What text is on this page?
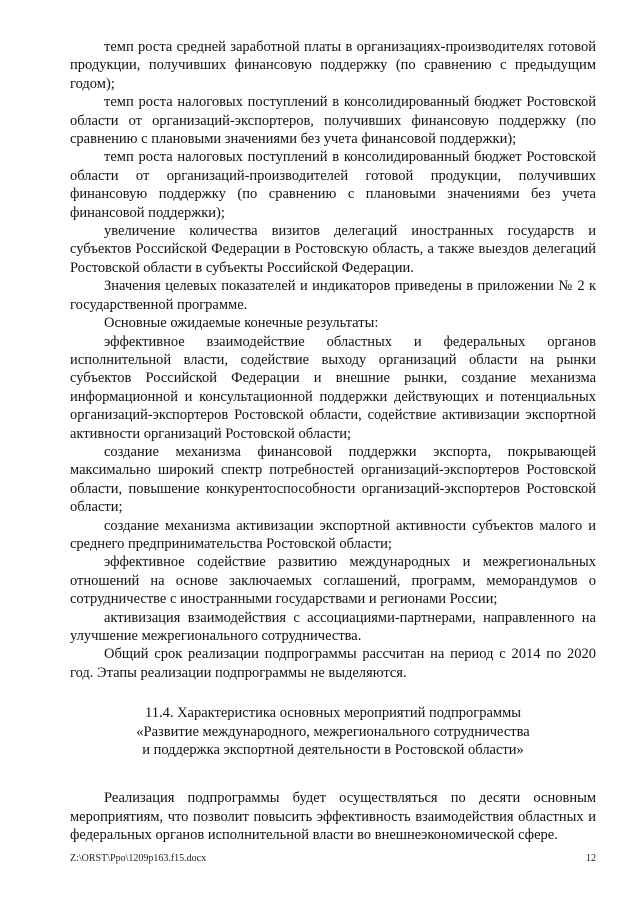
темп роста средней заработной платы в организациях-производителях готовой продукции, получивших финансовую поддержку (по сравнению с предыдущим годом);

темп роста налоговых поступлений в консолидированный бюджет Ростовской области от организаций-экспортеров, получивших финансовую поддержку (по сравнению с плановыми значениями без учета финансовой поддержки);

темп роста налоговых поступлений в консолидированный бюджет Ростовской области от организаций-производителей готовой продукции, получивших финансовую поддержку (по сравнению с плановыми значениями без учета финансовой поддержки);

увеличение количества визитов делегаций иностранных государств и субъектов Российской Федерации в Ростовскую область, а также выездов делегаций Ростовской области в субъекты Российской Федерации.

Значения целевых показателей и индикаторов приведены в приложении № 2 к государственной программе.

Основные ожидаемые конечные результаты:

эффективное взаимодействие областных и федеральных органов исполнительной власти, содействие выходу организаций области на рынки субъектов Российской Федерации и внешние рынки, создание механизма информационной и консультационной поддержки действующих и потенциальных организаций-экспортеров Ростовской области, содействие активизации экспортной активности организаций Ростовской области;

создание механизма финансовой поддержки экспорта, покрывающей максимально широкий спектр потребностей организаций-экспортеров Ростовской области, повышение конкурентоспособности организаций-экспортеров Ростовской области;

создание механизма активизации экспортной активности субъектов малого и среднего предпринимательства Ростовской области;

эффективное содействие развитию международных и межрегиональных отношений на основе заключаемых соглашений, программ, меморандумов о сотрудничестве с иностранными государствами и регионами России;

активизация взаимодействия с ассоциациями-партнерами, направленного на улучшение межрегионального сотрудничества.

Общий срок реализации подпрограммы рассчитан на период с 2014 по 2020 год. Этапы реализации подпрограммы не выделяются.

11.4. Характеристика основных мероприятий подпрограммы
«Развитие международного, межрегионального сотрудничества
и поддержка экспортной деятельности в Ростовской области»

Реализация подпрограммы будет осуществляться по десяти основным мероприятиям, что позволит повысить эффективность взаимодействия областных и федеральных органов исполнительной власти во внешнеэкономической сфере.

Z:\ORST\Ppo\1209p163.f15.docx	12
